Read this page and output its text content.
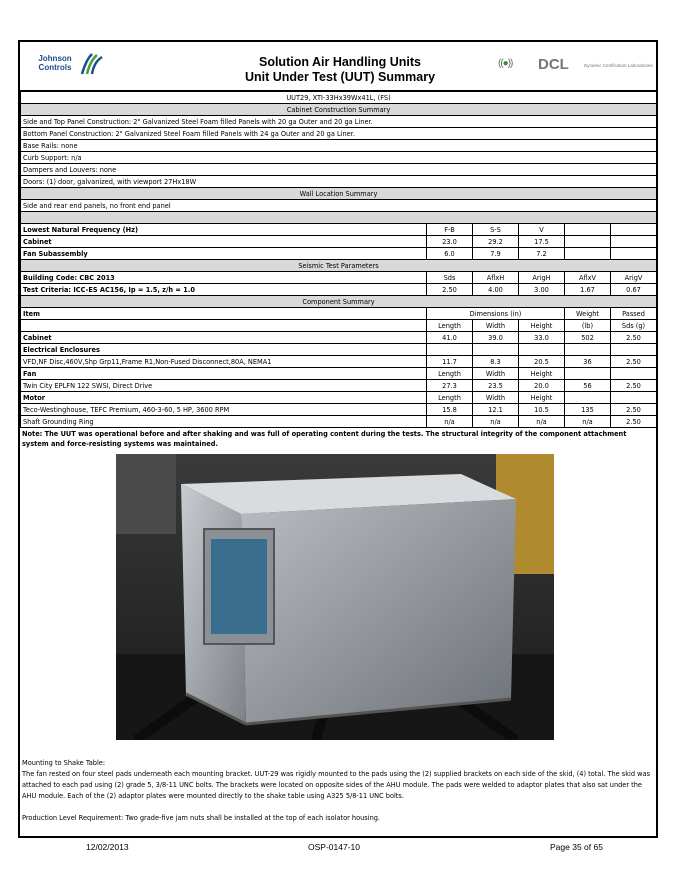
Johnson
Controls	Solution Air Handling Units
Unit Under Test (UUT) Summary
((●)) DCL	Dynamic Certification Laboratories
UUT29, XTI-33Hx39Wx41L, (FS)					
Cabinet Construction Summary					
Side and Top Panel Construction: 2" Galvanized Steel Foam filled Panels with 20 ga Outer and 20 ga Liner.					
Bottom Panel Construction: 2" Galvanized Steel Foam filled Panels with 24 ga Outer and 20 ga Liner.					
Base Rails: none					
Curb Support: n/a					
Dampers and Louvers: none					
Doors: (1) door, galvanized, with viewport 27Hx18W					
Wall Location Summary					
Side and rear end panels, no front end panel					

Lowest Natural Frequency (Hz)	F-B	S-S	V		
Cabinet	23.0	29.2	17.5		
Fan Subassembly	6.0	7.9	7.2		
Seismic Test Parameters					
Building Code: CBC 2013	Sds	AflxH	ArigH	AflxV	ArigV
Test Criteria: ICC-ES AC156, Ip = 1.5, z/h = 1.0	2.50	4.00	3.00	1.67	0.67
Component Summary					
Item	Dimensions (in)			Weight	Passed
	Length	Width	Height	(lb)	Sds (g)
Cabinet	41.0	39.0	33.0	502	2.50
Electrical Enclosures					
VFD,NF Disc,460V,Shp Grp11,Frame R1,Non-Fused Disconnect,80A, NEMA1	11.7	8.3	20.5	36	2.50
Fan	Length	Width	Height		
Twin City EPLFN 122 SWSI, Direct Drive	27.3	23.5	20.0	56	2.50
Motor	Length	Width	Height		
Teco-Westinghouse, TEFC Premium, 460-3-60, 5 HP, 3600 RPM	15.8	12.1	10.5	135	2.50
Shaft Grounding Ring	n/a	n/a	n/a	n/a	2.50
Note: The UUT was operational before and after shaking and was full of operating content during the tests. The structural integrity of the component attachment system and force-resisting systems was maintained.

Mounting to Shake Table:

The fan rested on four steel pads underneath each mounting bracket. UUT-29 was rigidly mounted to the pads using the (2) supplied brackets on each side of the skid, (4) total. The skid was attached to each pad using (2) grade 5, 3/8-11 UNC bolts. The brackets were located on opposite sides of the AHU module. The pads were welded to adaptor plates that also sat under the AHU module. Each of the (2) adaptor plates were mounted directly to the shake table using A325 5/8-11 UNC bolts.

Production Level Requirement: Two grade-five jam nuts shall be installed at the top of each isolator housing.

12/02/2013	OSP-0147-10	Page 35 of 65
